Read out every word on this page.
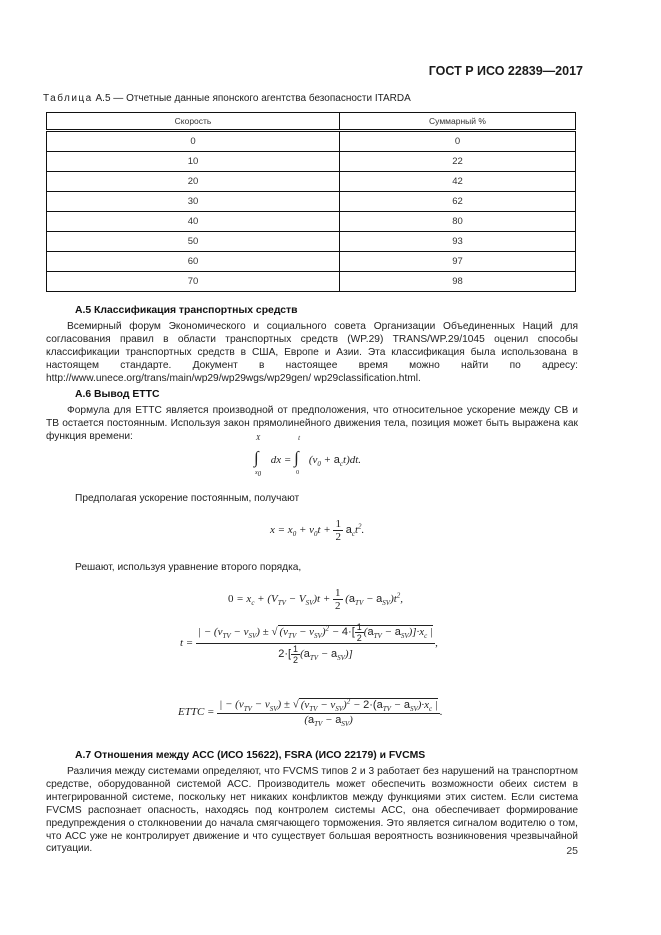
ГОСТ Р ИСО 22839—2017
Таблица А.5 — Отчетные данные японского агентства безопасности ITARDA
Скорость	Суммарный %
0	0
10	22
20	42
30	62
40	80
50	93
60	97
70	98
А.5 Классификация транспортных средств
Всемирный форум Экономического и социального совета Организации Объединенных Наций для согласования правил в области транспортных средств (WP.29) TRANS/WP.29/1045 оценил способы классификации транспортных средств в США, Европе и Азии. Эта классификация была использована в настоящем стандарте. Документ в настоящее время можно найти по адресу: http://www.unece.org/trans/main/wp29/wp29wgs/wp29gen/ wp29classification.html.
А.6 Вывод ЕТТС
Формула для ЕТТС является производной от предположения, что относительное ускорение между СВ и ТВ остается постоянным. Используя закон прямолинейного движения тела, позиция может быть выражена как функция времени:	X
∫
$x_0$
dx =
t
∫
0
$(v_0 + a_ct)dt$.
Предполагая ускорение постоянным, получают
$x = x_0 + v_0t + \frac{1}{2} a_ct^2$.
Решают, используя уравнение второго порядка,
$0 = x_c + (V_{TV} - V_{SV})t + \frac{1}{2} (a_{TV} - a_{SV})t^2$,
$t = \frac{| - (v_{TV} - v_{SV}) \pm √ (v_{TV} - v_{SV})^2 - 4\cdot[ \frac{1}{2} (a_{TV} - a_{SV})]\cdot x_c |}{2\cdot[ \frac{1}{2} (a_{TV} - a_{SV})]}$ ,
ETTC = $\frac{| - (v_{TV} - v_{SV}) \pm √ (v_{TV} - v_{SV})^2 - 2\cdot(a_{TV} - a_{SV})\cdot x_c |}{(a_{TV} - a_{SV})}$ .
А.7 Отношения между АСС (ИСО 15622), FSRA (ИСО 22179) и FVCMS
Различия между системами определяют, что FVCMS типов 2 и 3 работает без нарушений на транспортном средстве, оборудованной системой АСС. Производитель может обеспечить возможности обеих систем в интегрированной системе, поскольку нет никаких конфликтов между функциями этих систем. Если система FVCMS распознает опасность, находясь под контролем системы АСС, она обеспечивает формирование предупреждения о столкновении до начала смягчающего торможения. Это является сигналом водителю о том, что АСС уже не контролирует движение и что существует большая вероятность возникновения чрезвычайной ситуации.	25
